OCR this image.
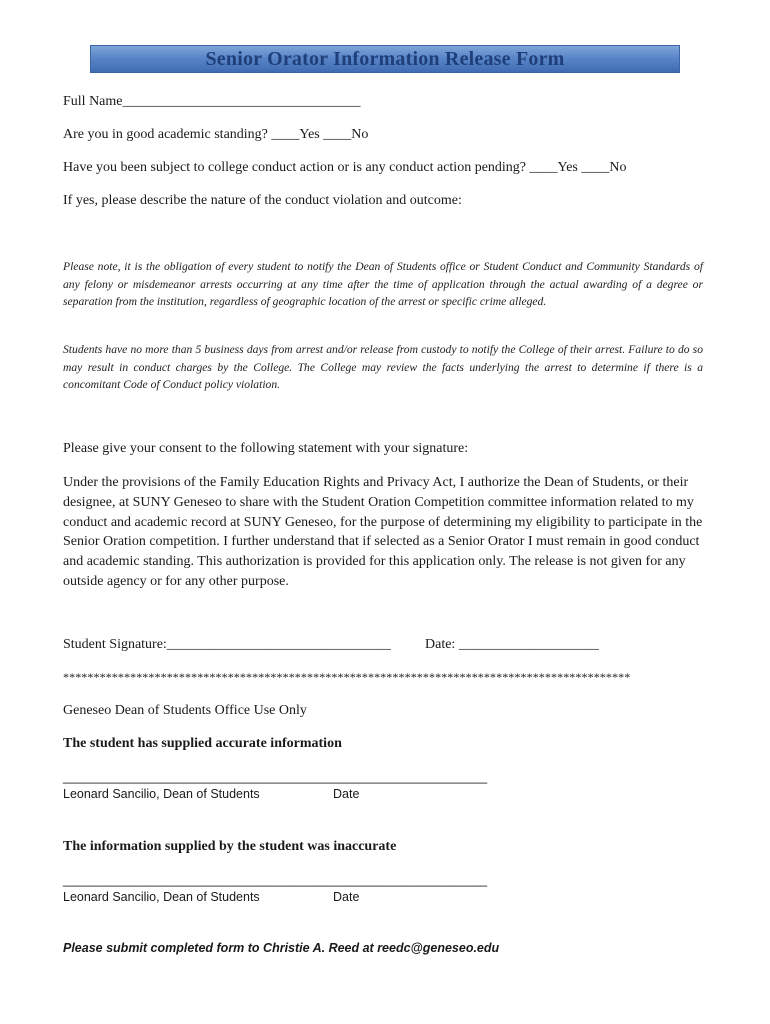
Senior Orator Information Release Form
Full Name__________________________________
Are you in good academic standing? ____Yes ____No
Have you been subject to college conduct action or is any conduct action pending? ____Yes ____No
If yes, please describe the nature of the conduct violation and outcome:
Please note, it is the obligation of every student to notify the Dean of Students office or Student Conduct and Community Standards of any felony or misdemeanor arrests occurring at any time after the time of application through the actual awarding of a degree or separation from the institution, regardless of geographic location of the arrest or specific crime alleged.
Students have no more than 5 business days from arrest and/or release from custody to notify the College of their arrest. Failure to do so may result in conduct charges by the College. The College may review the facts underlying the arrest to determine if there is a concomitant Code of Conduct policy violation.
Please give your consent to the following statement with your signature:
Under the provisions of the Family Education Rights and Privacy Act, I authorize the Dean of Students, or their designee, at SUNY Geneseo to share with the Student Oration Competition committee information related to my conduct and academic record at SUNY Geneseo, for the purpose of determining my eligibility to participate in the Senior Oration competition. I further understand that if selected as a Senior Orator I must remain in good conduct and academic standing. This authorization is provided for this application only. The release is not given for any outside agency or for any other purpose.
Student Signature:________________________________ Date: ____________________
*********************************************************************************************
Geneseo Dean of Students Office Use Only
The student has supplied accurate information
_____________________________________________________________
Leonard Sancilio, Dean of Students	Date
The information supplied by the student was inaccurate
_____________________________________________________________
Leonard Sancilio, Dean of Students	Date
Please submit completed form to Christie A. Reed at reedc@geneseo.edu
